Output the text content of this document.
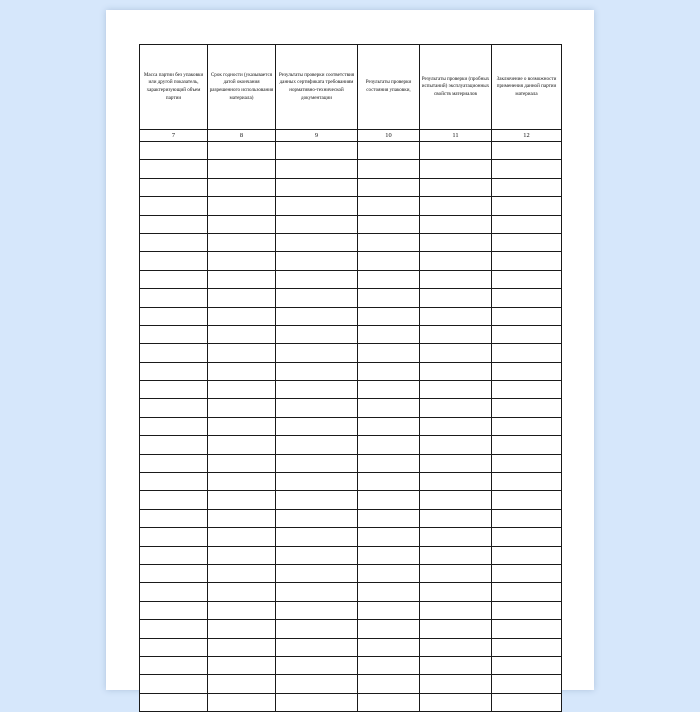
Масса партии без упаковки или другой показатель, характеризующий объем партии	Срок годности (указывается датой окончания разрешенного использования материала)	Результаты проверки соответствия данных сертификата требованиям нормативно-технической документации	Результаты проверки состояния упаковки,	Результаты проверки (пробных испытаний) эксплуатационных свойств материалов	Заключение о возможности применения данной партии материала
7	8	9	10	11	12
